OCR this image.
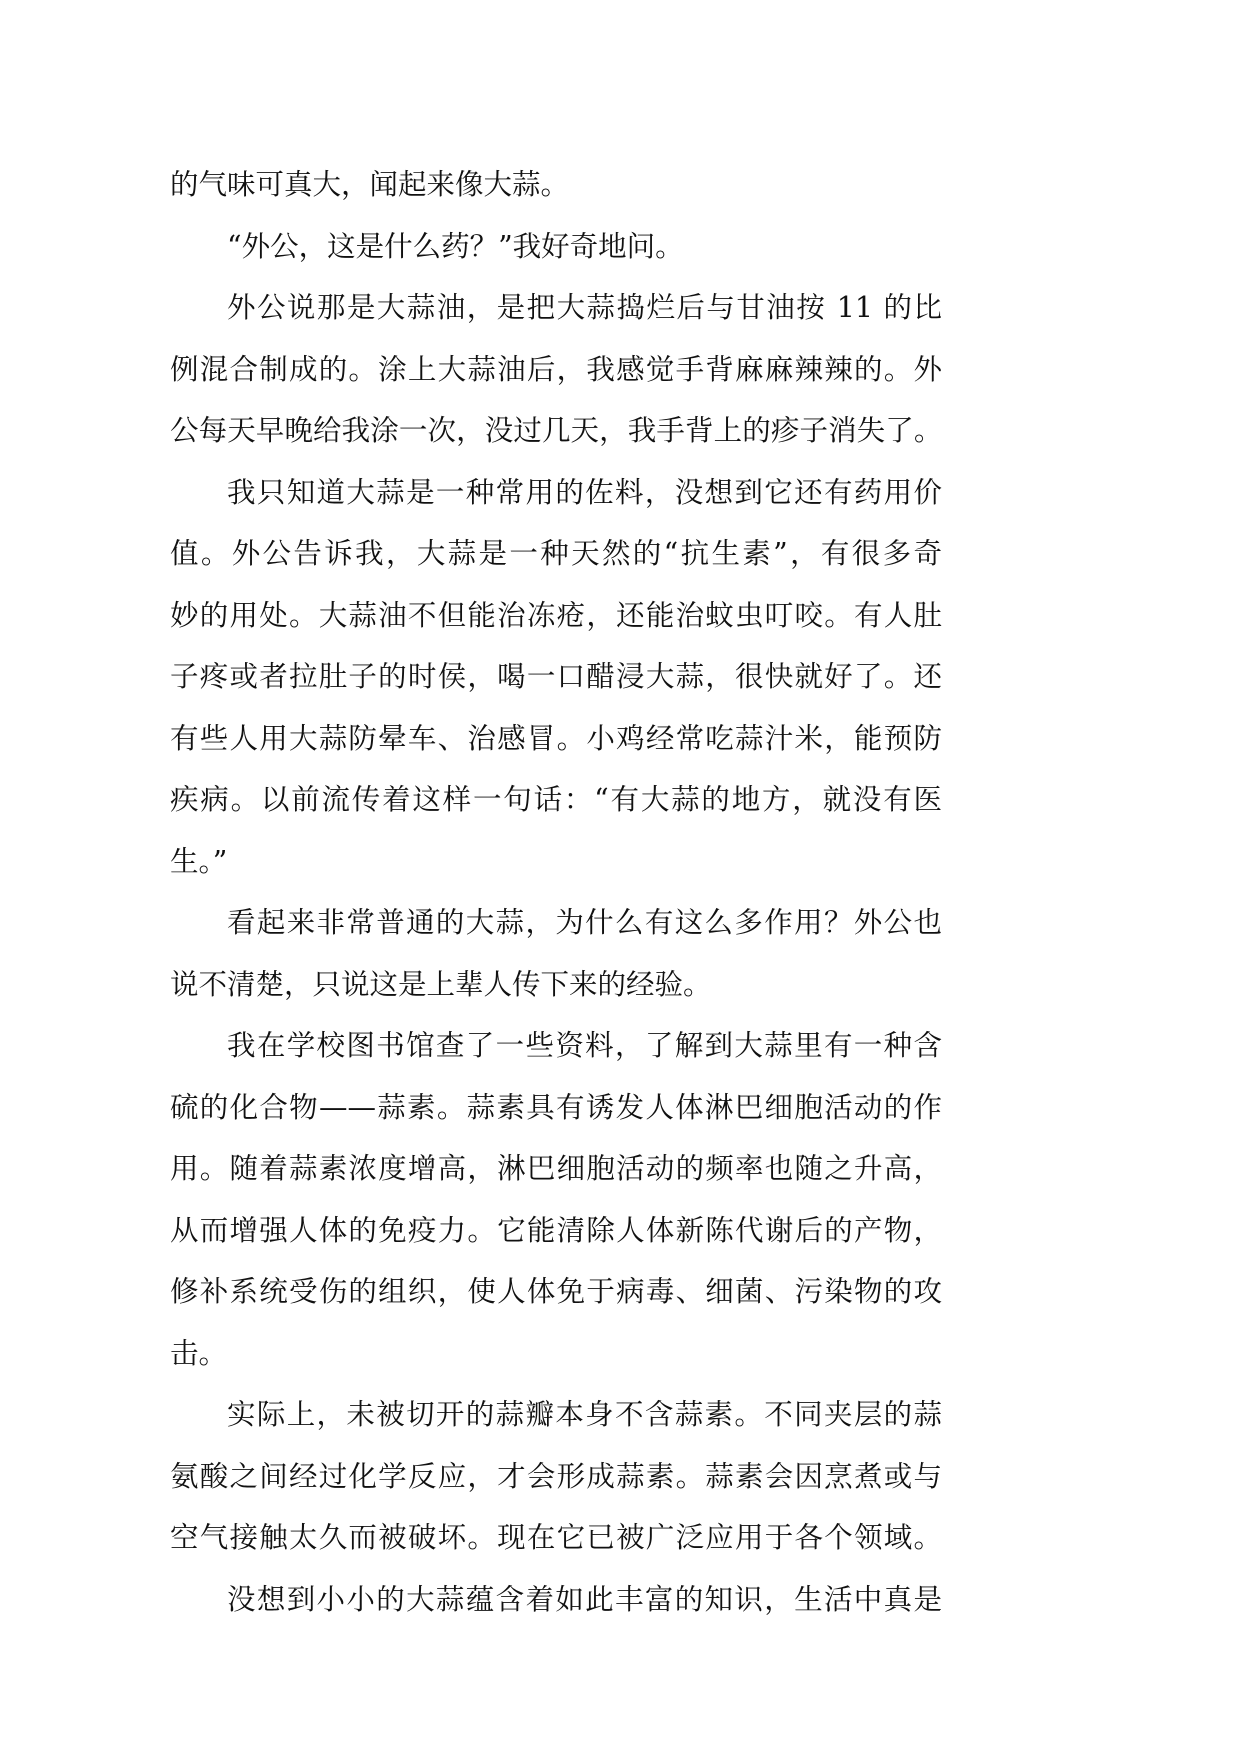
的气味可真大，闻起来像大蒜。
“外公，这是什么药？”我好奇地问。
外公说那是大蒜油，是把大蒜捣烂后与甘油按 11 的比
例混合制成的。涂上大蒜油后，我感觉手背麻麻辣辣的。外
公每天早晚给我涂一次，没过几天，我手背上的疹子消失了。
我只知道大蒜是一种常用的佐料，没想到它还有药用价
值。外公告诉我，大蒜是一种天然的“抗生素”，有很多奇
妙的用处。大蒜油不但能治冻疮，还能治蚊虫叮咬。有人肚
子疼或者拉肚子的时侯，喝一口醋浸大蒜，很快就好了。还
有些人用大蒜防晕车、治感冒。小鸡经常吃蒜汁米，能预防
疾病。以前流传着这样一句话：“有大蒜的地方，就没有医
生。”
看起来非常普通的大蒜，为什么有这么多作用？外公也
说不清楚，只说这是上辈人传下来的经验。
我在学校图书馆查了一些资料，了解到大蒜里有一种含
硫的化合物——蒜素。蒜素具有诱发人体淋巴细胞活动的作
用。随着蒜素浓度增高，淋巴细胞活动的频率也随之升高，
从而增强人体的免疫力。它能清除人体新陈代谢后的产物，
修补系统受伤的组织，使人体免于病毒、细菌、污染物的攻
击。
实际上，未被切开的蒜瓣本身不含蒜素。不同夹层的蒜
氨酸之间经过化学反应，才会形成蒜素。蒜素会因烹煮或与
空气接触太久而被破坏。现在它已被广泛应用于各个领域。
没想到小小的大蒜蕴含着如此丰富的知识，生活中真是
